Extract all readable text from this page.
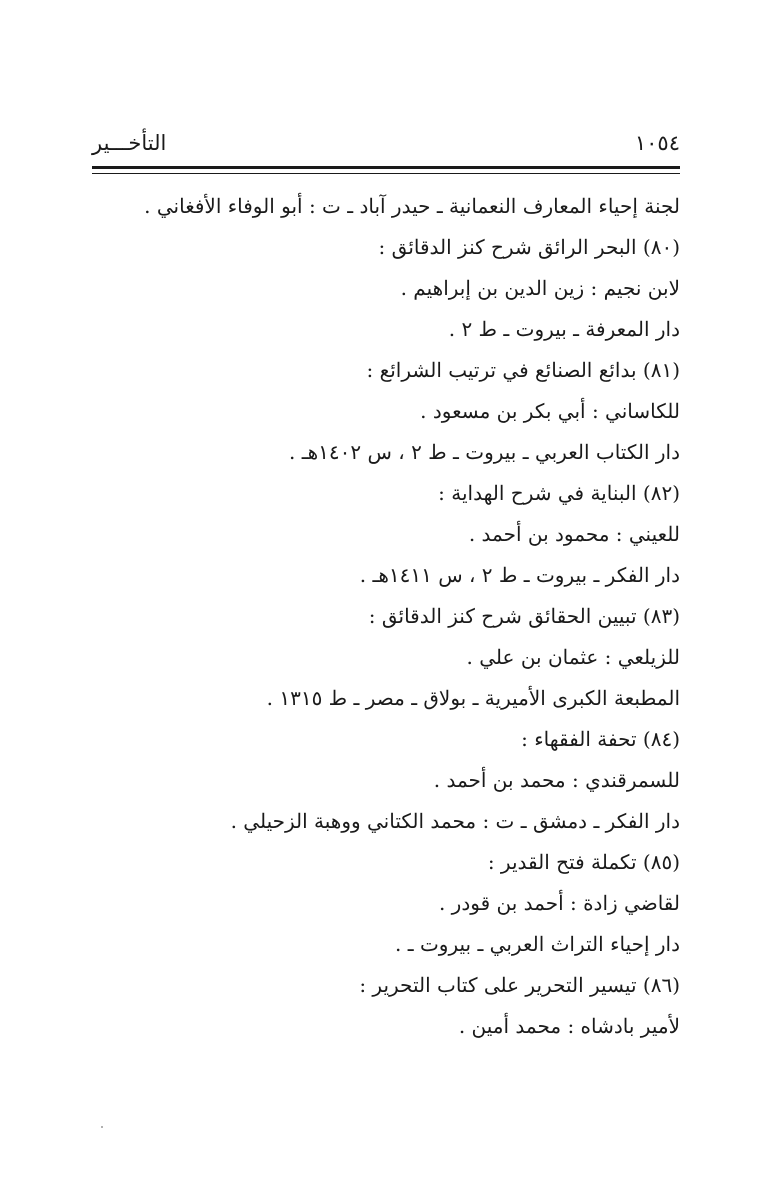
١٠٥٤
التأخـــير
لجنة إحياء المعارف النعمانية ـ حيدر آباد ـ ت : أبو الوفاء الأفغاني .
(٨٠) البحر الرائق شرح كنز الدقائق :
لابن نجيم : زين الدين بن إبراهيم .
دار المعرفة ـ بيروت ـ ط ٢ .
(٨١) بدائع الصنائع في ترتيب الشرائع :
للكاساني : أبي بكر بن مسعود .
دار الكتاب العربي ـ بيروت ـ ط ٢ ، س ١٤٠٢هـ .
(٨٢) البناية في شرح الهداية :
للعيني : محمود بن أحمد .
دار الفكر ـ بيروت ـ ط ٢ ، س ١٤١١هـ .
(٨٣) تبيين الحقائق شرح كنز الدقائق :
للزيلعي : عثمان بن علي .
المطبعة الكبرى الأميرية ـ بولاق ـ مصر ـ ط ١٣١٥ .
(٨٤) تحفة الفقهاء :
للسمرقندي : محمد بن أحمد .
دار الفكر ـ دمشق ـ ت : محمد الكتاني ووهبة الزحيلي .
(٨٥) تكملة فتح القدير :
لقاضي زادة : أحمد بن قودر .
دار إحياء التراث العربي ـ بيروت ـ .
(٨٦) تيسير التحرير على كتاب التحرير :
لأمير بادشاه : محمد أمين .
